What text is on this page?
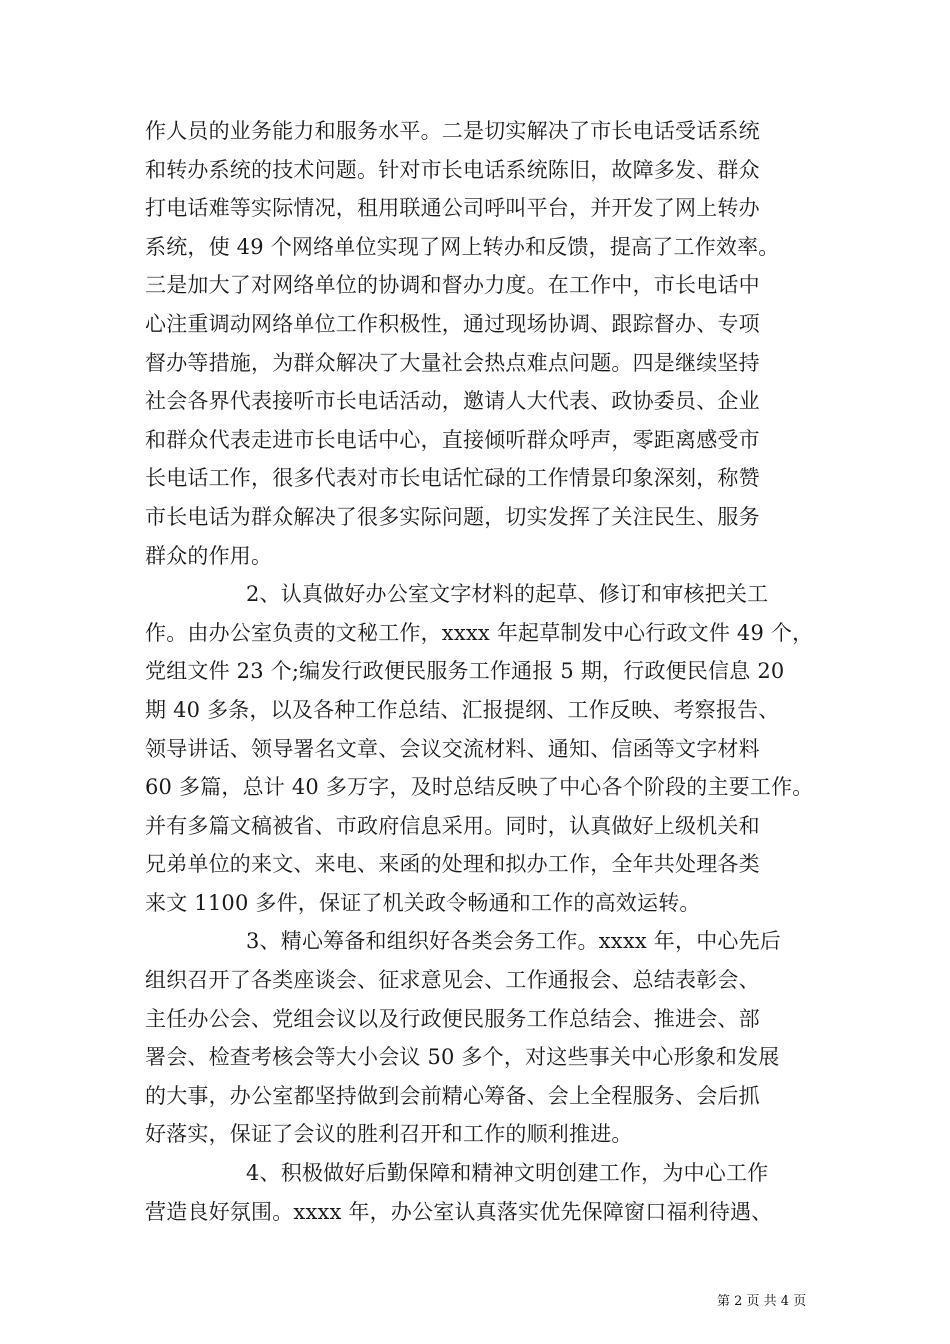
作人员的业务能力和服务水平。二是切实解决了市长电话受话系统
和转办系统的技术问题。针对市长电话系统陈旧，故障多发、群众
打电话难等实际情况，租用联通公司呼叫平台，并开发了网上转办
系统，使 49 个网络单位实现了网上转办和反馈，提高了工作效率。
三是加大了对网络单位的协调和督办力度。在工作中，市长电话中
心注重调动网络单位工作积极性，通过现场协调、跟踪督办、专项
督办等措施，为群众解决了大量社会热点难点问题。四是继续坚持
社会各界代表接听市长电话活动，邀请人大代表、政协委员、企业
和群众代表走进市长电话中心，直接倾听群众呼声，零距离感受市
长电话工作，很多代表对市长电话忙碌的工作情景印象深刻，称赞
市长电话为群众解决了很多实际问题，切实发挥了关注民生、服务
群众的作用。
2、认真做好办公室文字材料的起草、修订和审核把关工
作。由办公室负责的文秘工作，xxxx 年起草制发中心行政文件 49 个，
党组文件 23 个;编发行政便民服务工作通报 5 期，行政便民信息 20
期 40 多条，以及各种工作总结、汇报提纲、工作反映、考察报告、
领导讲话、领导署名文章、会议交流材料、通知、信函等文字材料
60 多篇，总计 40 多万字，及时总结反映了中心各个阶段的主要工作。
并有多篇文稿被省、市政府信息采用。同时，认真做好上级机关和
兄弟单位的来文、来电、来函的处理和拟办工作，全年共处理各类
来文 1100 多件，保证了机关政令畅通和工作的高效运转。
3、精心筹备和组织好各类会务工作。xxxx 年，中心先后
组织召开了各类座谈会、征求意见会、工作通报会、总结表彰会、
主任办公会、党组会议以及行政便民服务工作总结会、推进会、部
署会、检查考核会等大小会议 50 多个，对这些事关中心形象和发展
的大事，办公室都坚持做到会前精心筹备、会上全程服务、会后抓
好落实，保证了会议的胜利召开和工作的顺利推进。
4、积极做好后勤保障和精神文明创建工作，为中心工作
营造良好氛围。xxxx 年，办公室认真落实优先保障窗口福利待遇、
第 2 页 共 4 页
